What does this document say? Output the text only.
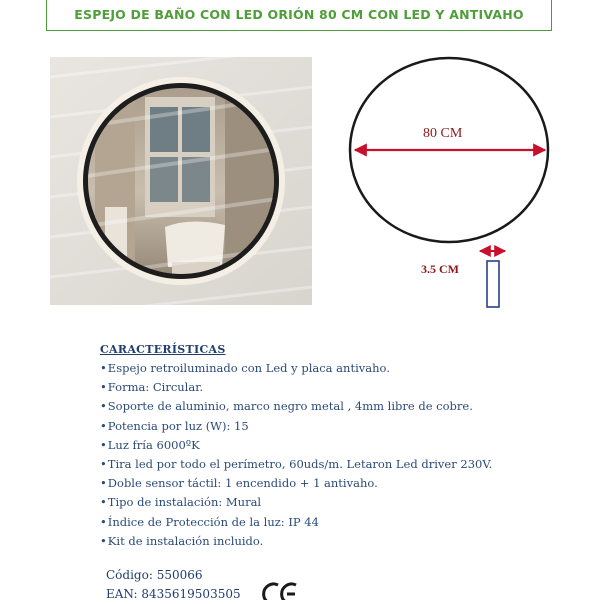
ESPEJO DE BAÑO CON LED ORIÓN 80 CM CON LED Y ANTIVAHO
80 CM
3.5 CM
CARACTERÍSTICAS
• Espejo retroiluminado con Led y placa antivaho.
• Forma: Circular.
• Soporte de aluminio, marco negro metal , 4mm libre de cobre.
• Potencia por luz (W): 15
• Luz fría 6000ºK
• Tira led por todo el perímetro, 60uds/m. Letaron Led driver 230V.
• Doble sensor táctil: 1 encendido + 1 antivaho.
• Tipo de instalación: Mural
• Índice de Protección de la luz: IP 44
• Kit de instalación incluido.
Código: 550066
EAN: 8435619503505
